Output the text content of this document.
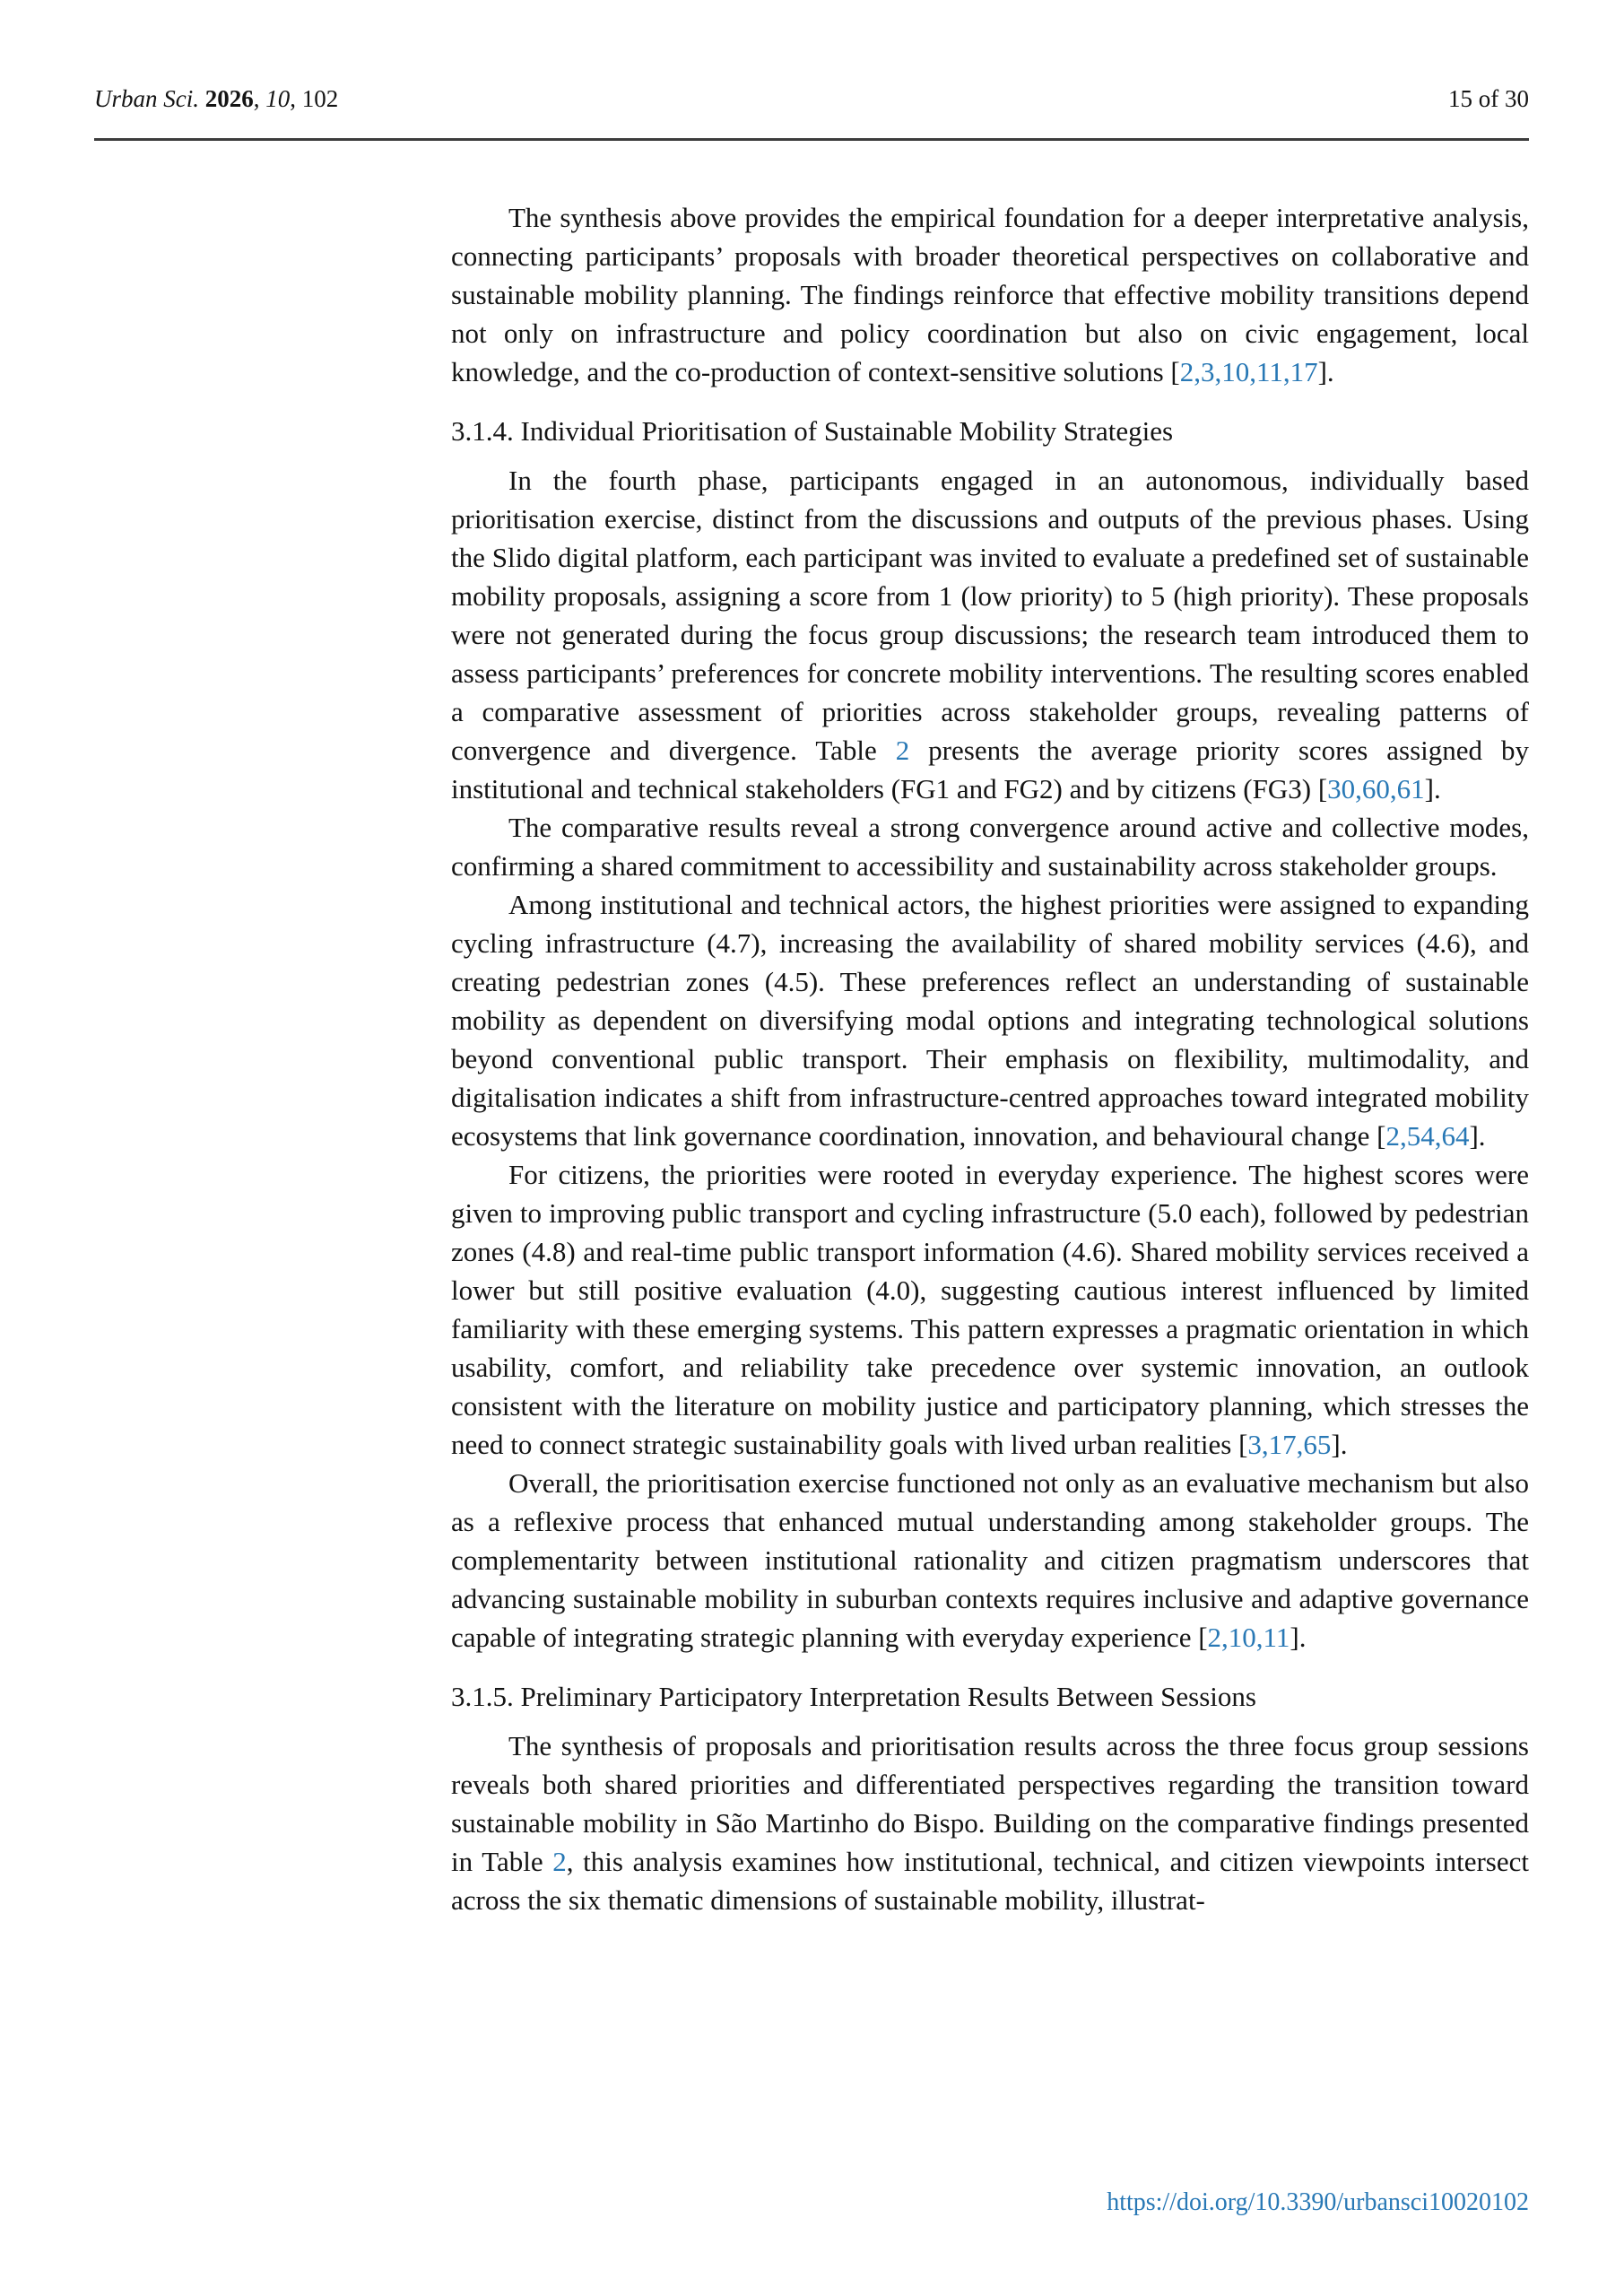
Urban Sci. 2026, 10, 102	15 of 30

The synthesis above provides the empirical foundation for a deeper interpretative analysis, connecting participants’ proposals with broader theoretical perspectives on collaborative and sustainable mobility planning. The findings reinforce that effective mobility transitions depend not only on infrastructure and policy coordination but also on civic engagement, local knowledge, and the co-production of context-sensitive solutions [2,3,10,11,17].

3.1.4. Individual Prioritisation of Sustainable Mobility Strategies

In the fourth phase, participants engaged in an autonomous, individually based prioritisation exercise, distinct from the discussions and outputs of the previous phases. Using the Slido digital platform, each participant was invited to evaluate a predefined set of sustainable mobility proposals, assigning a score from 1 (low priority) to 5 (high priority). These proposals were not generated during the focus group discussions; the research team introduced them to assess participants’ preferences for concrete mobility interventions. The resulting scores enabled a comparative assessment of priorities across stakeholder groups, revealing patterns of convergence and divergence. Table 2 presents the average priority scores assigned by institutional and technical stakeholders (FG1 and FG2) and by citizens (FG3) [30,60,61].

The comparative results reveal a strong convergence around active and collective modes, confirming a shared commitment to accessibility and sustainability across stakeholder groups.

Among institutional and technical actors, the highest priorities were assigned to expanding cycling infrastructure (4.7), increasing the availability of shared mobility services (4.6), and creating pedestrian zones (4.5). These preferences reflect an understanding of sustainable mobility as dependent on diversifying modal options and integrating technological solutions beyond conventional public transport. Their emphasis on flexibility, multimodality, and digitalisation indicates a shift from infrastructure-centred approaches toward integrated mobility ecosystems that link governance coordination, innovation, and behavioural change [2,54,64].

For citizens, the priorities were rooted in everyday experience. The highest scores were given to improving public transport and cycling infrastructure (5.0 each), followed by pedestrian zones (4.8) and real-time public transport information (4.6). Shared mobility services received a lower but still positive evaluation (4.0), suggesting cautious interest influenced by limited familiarity with these emerging systems. This pattern expresses a pragmatic orientation in which usability, comfort, and reliability take precedence over systemic innovation, an outlook consistent with the literature on mobility justice and participatory planning, which stresses the need to connect strategic sustainability goals with lived urban realities [3,17,65].

Overall, the prioritisation exercise functioned not only as an evaluative mechanism but also as a reflexive process that enhanced mutual understanding among stakeholder groups. The complementarity between institutional rationality and citizen pragmatism underscores that advancing sustainable mobility in suburban contexts requires inclusive and adaptive governance capable of integrating strategic planning with everyday experience [2,10,11].

3.1.5. Preliminary Participatory Interpretation Results Between Sessions

The synthesis of proposals and prioritisation results across the three focus group sessions reveals both shared priorities and differentiated perspectives regarding the transition toward sustainable mobility in São Martinho do Bispo. Building on the comparative findings presented in Table 2, this analysis examines how institutional, technical, and citizen viewpoints intersect across the six thematic dimensions of sustainable mobility, illustrat-

https://doi.org/10.3390/urbansci10020102
